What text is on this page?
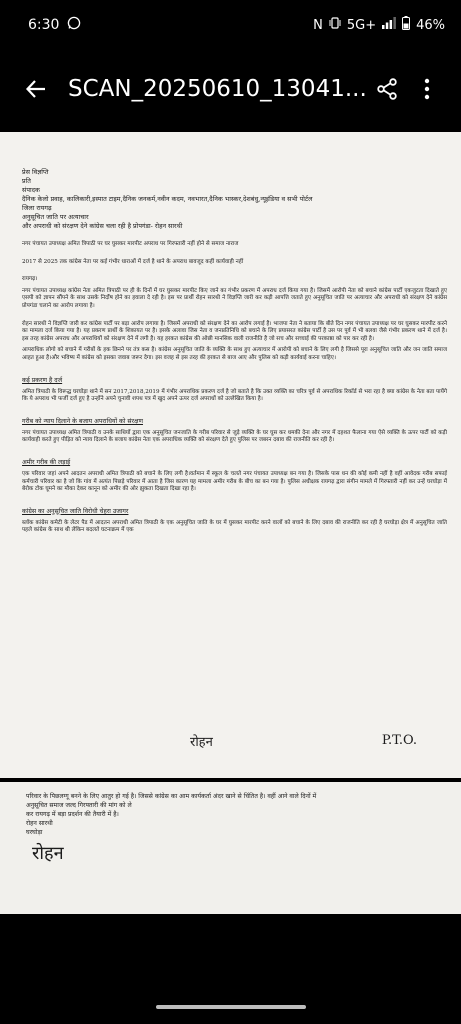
6:30	N 5G+	46%
SCAN_20250610_13041...
प्रेस विज्ञप्ति
प्रति
संपादक
दैनिक केलो प्रवाह, कालिकारी,इस्पात टाइम,दैनिक जनकर्म,नवीन कदम, नवभारत,दैनिक भास्कर,देशबंधु,न्यूइंडिया व सभी पोर्टल
जिला रायगढ़
अनुसूचित जाति पर अत्याचार
और अपराधी को संरक्षण देने कांग्रेस चला रही है प्रोपगंडा- रोहन सारथी
नगर पंचायत उपाध्यक्ष अमित त्रिपाठी पर घर घुसकर मारपीट अपराध पर गिरफ्तारी नहीं होने से समाज नाराज
2017 से 2025 तक कांग्रेस नेता पर कई गंभीर धाराओं में दर्ज है थाने के अपराध बावजूद कहीं कार्यवाही नहीं
रायगढ़।
नगर पंचायत उपाध्यक्ष कांग्रेस नेता अमित त्रिपाठी पर ही के दिनों में घर घुसकर मारपीट किए जाने का गंभीर प्रकरण में अपराध दर्ज किया गया है। जिसमें आरोपी नेता को बचाने कांग्रेस पार्टी एकजुटता दिखाते हुए एसपी को ज्ञापन सौंपने के साथ उसके निर्दोष होने का हवाला दे रही है। इस पर प्रार्थी रोहन सारथी ने विज्ञप्ति जारी कर कड़ी आपत्ति जताते हुए अनुसूचित जाति पर अत्याचार और अपराधी को संरक्षण देने कांग्रेस प्रोपगंडा चलाने का आरोप लगाया है।
रोहन सारथी ने विज्ञप्ति जारी कर कांग्रेस पार्टी पर बड़ा आरोप लगाया है। जिसमें अपराधी को संरक्षण देने का आरोप लगाई है। भाजपा नेता ने बताया कि बीते दिन नगर पंचायत उपाध्यक्ष पर घर घुसकर मारपीट करने का मामला दर्ज किया गया है। यह प्रकरण प्रार्थी के शिकायत पर है। इसके अलावा जिस नेता व जनप्रतिनिधि को बचाने के लिए प्रयासरत कांग्रेस पार्टी है उस पर पूर्व में भी बलवा जैसे गंभीर प्रकरण थाने में दर्ज है। इस तरह कांग्रेस अपराध और अपराधियों को संरक्षण देने में लगी है। यह हरकत कांग्रेस की ओछी मानसिक वाली राजनीति है जो सच और सच्चाई की परकाष्ठा को पार कर रही है।
आपराधिक लोगो को बचाने में गरीबों के हक छिनने पर तंत्र कस है। कांग्रेस अनुसूचित जाति के व्यक्ति के साथ हुए अत्याचार में आरोपी को बचाने के लिए लगी है जिससे पूरा अनुसूचित जाति और जन जाति समाज आहत हुआ है।और भविष्य में कांग्रेस को इसका जवाब जरूर देगा। इस वजह से इस तरह की हरकत से बाज आए और पुलिस को कड़ी कार्यवाई करना चाहिए।
कई प्रकरण है दर्ज
अमित त्रिपाठी के विरूद्ध घरघोड़ा थाने में सन 2017,2018,2019 में गंभीर अपराधिक प्रकरण दर्ज है जो बताते है कि उक्त व्यक्ति का चरित्र पूर्व से अपराधिक रिकॉर्ड से भरा रहा है क्या कांग्रेस के नेता बता पायेंगे कि ये अपराध भी फर्जी दर्ज हुए है उन्होंने अपने चुनावी शपथ पत्र में खुद अपने ऊपर दर्ज अपराधों को उल्लेखित किया है।
गरीब को न्याय दिलाने के बजाय अपराधियों को संरक्षण
नगर पंचायत उपाध्यक्ष अमित त्रिपाठी व उनके साथियों द्वारा एक अनुसूचित जनजाति के गरीब परिवार से जुड़े व्यक्ति के घर घुस कर धमकी देना और नगर में दहशत फैलाना गया ऐसे व्यक्ति के ऊपर पार्टी को कड़ी कार्यवाही करते हुए पीड़ित को न्याय दिलाने के बजाय कांग्रेस नेता एक अपराधिक व्यक्ति को संरक्षण देते हुए पुलिस पर जबरन दबाव की राजनीति कर रही है।
अमीर गरीब की लड़ाई
एक परिवार जहां अपने आदतन अपराधी अमित त्रिपाठी को बचाने के लिए लगी है।वर्तमान में स्कूल के चलते नगर पंचायत उपाध्यक्ष बन गया है। जिसके पास धन की कोई कमी नहीं है वहीं आवेदक गरीब सफाई कर्मचारी परिवार का है जो कि गांव में अत्यंत पिछड़े परिवार में आता है जिस कारण यह मामला अमीर गरीब के बीच का बन गया है। पुलिस अधीक्षक रायगढ़ द्वारा संगीन मामले में गिरफ्तारी नहीं कर उन्हें घरघोड़ा में बेरोक टोक घूमने का मौका देकर कानून को अमीर की ओर झुकता दिखता दिखा रहा है।
कांग्रेस का अनुसूचित जाति विरोधी चेहरा उजागर
ब्लॉक कांग्रेस कमेटी के लेटर पैड में आदतन अपराधी अमित त्रिपाठी के एक अनुसूचित जाति के घर में घुसकर मारपीट करने वालों को बचाने के लिए दबाव की राजनीति कर रही है घरघोड़ा क्षेत्र में अनुसूचित जाति पहले कांग्रेस के साथ थी लेकिन बदलते घटनाक्रम में एक
रोहन	P.T.O.
परिवार के पिछलग्गू बनने के लिए आतुर हो गई है। जिससे कांग्रेस का आम कार्यकर्ता अंदर खाने से चिंतित है। वहीं आने वाले दिनों में
अनुसूचित समाज जल्द गिरफ्तारी की मांग को ले
कर रायगढ़ में बड़ा प्रदर्शन की तैयारी में है।
रोहन सारथी
घरघोड़ा
रोहन
